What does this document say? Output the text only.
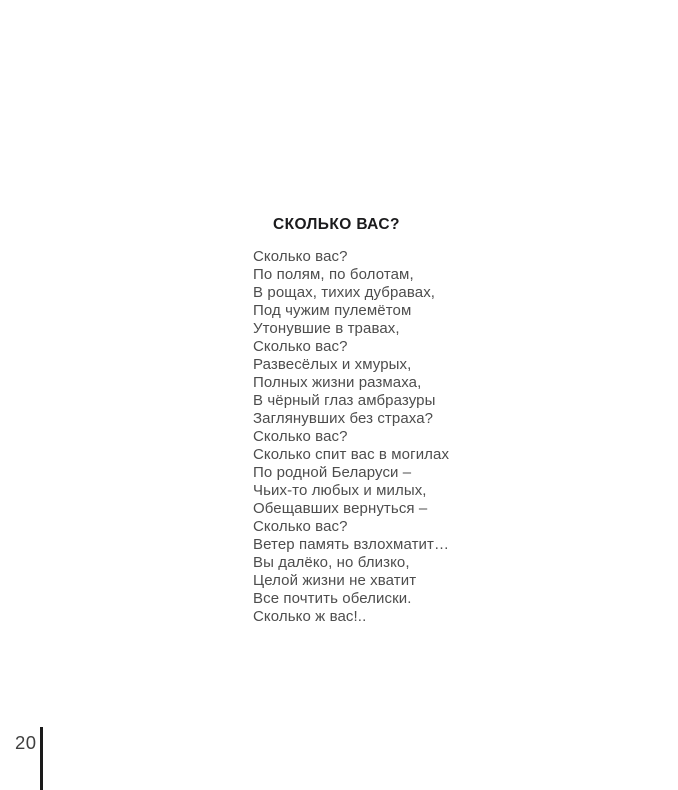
СКОЛЬКО ВАС?
Сколько вас?
По полям, по болотам,
В рощах, тихих дубравах,
Под чужим пулемётом
Утонувшие в травах,
Сколько вас?
Развесёлых и хмурых,
Полных жизни размаха,
В чёрный глаз амбразуры
Заглянувших без страха?
Сколько вас?
Сколько спит вас в могилах
По родной Беларуси –
Чьих-то любых и милых,
Обещавших вернуться –
Сколько вас?
Ветер память взлохматит…
Вы далёко, но близко,
Целой жизни не хватит
Все почтить обелиски.
Сколько ж вас!..
20
